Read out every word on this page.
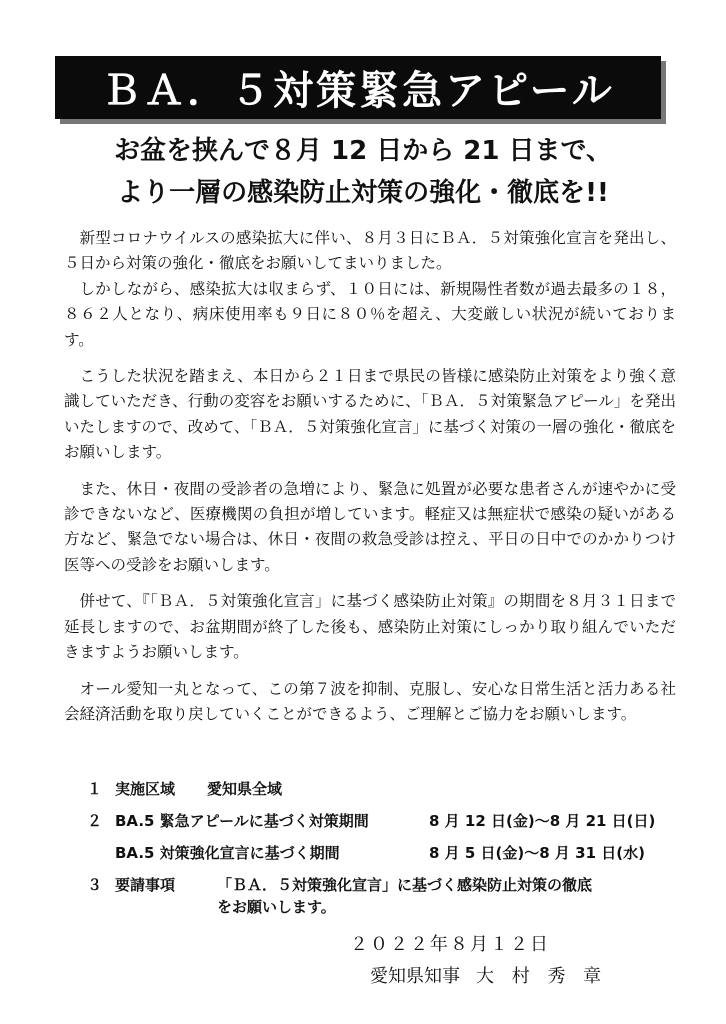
ＢＡ．５対策緊急アピール
お盆を挟んで８月 12 日から 21 日まで、
より一層の感染防止対策の強化・徹底を!!

新型コロナウイルスの感染拡大に伴い、８月３日にＢＡ．５対策強化宣言を発出し、５日から対策の強化・徹底をお願いしてまいりました。

しかしながら、感染拡大は収まらず、１０日には、新規陽性者数が過去最多の１８，８６２人となり、病床使用率も９日に８０％を超え、大変厳しい状況が続いております。

こうした状況を踏まえ、本日から２１日まで県民の皆様に感染防止対策をより強く意識していただき、行動の変容をお願いするために、「ＢＡ．５対策緊急アピール」を発出いたしますので、改めて、「ＢＡ．５対策強化宣言」に基づく対策の一層の強化・徹底をお願いします。

また、休日・夜間の受診者の急増により、緊急に処置が必要な患者さんが速やかに受診できないなど、医療機関の負担が増しています。軽症又は無症状で感染の疑いがある方など、緊急でない場合は、休日・夜間の救急受診は控え、平日の日中でのかかりつけ医等への受診をお願いします。

併せて、『「ＢＡ．５対策強化宣言」に基づく感染防止対策』の期間を８月３１日まで延長しますので、お盆期間が終了した後も、感染防止対策にしっかり取り組んでいただきますようお願いします。

オール愛知一丸となって、この第７波を抑制、克服し、安心な日常生活と活力ある社会経済活動を取り戻していくことができるよう、ご理解とご協力をお願いします。

１ 実施区域 愛知県全域
２ BA.5 緊急アピールに基づく対策期間	8 月 12 日(金)～8 月 21 日(日)
BA.5 対策強化宣言に基づく期間	8 月 5 日(金)～8 月 31 日(水)
３ 要請事項	「ＢＡ．５対策強化宣言」に基づく感染防止対策の徹底
をお願いします。
２０２２年８月１２日
愛知県知事 大 村 秀 章
